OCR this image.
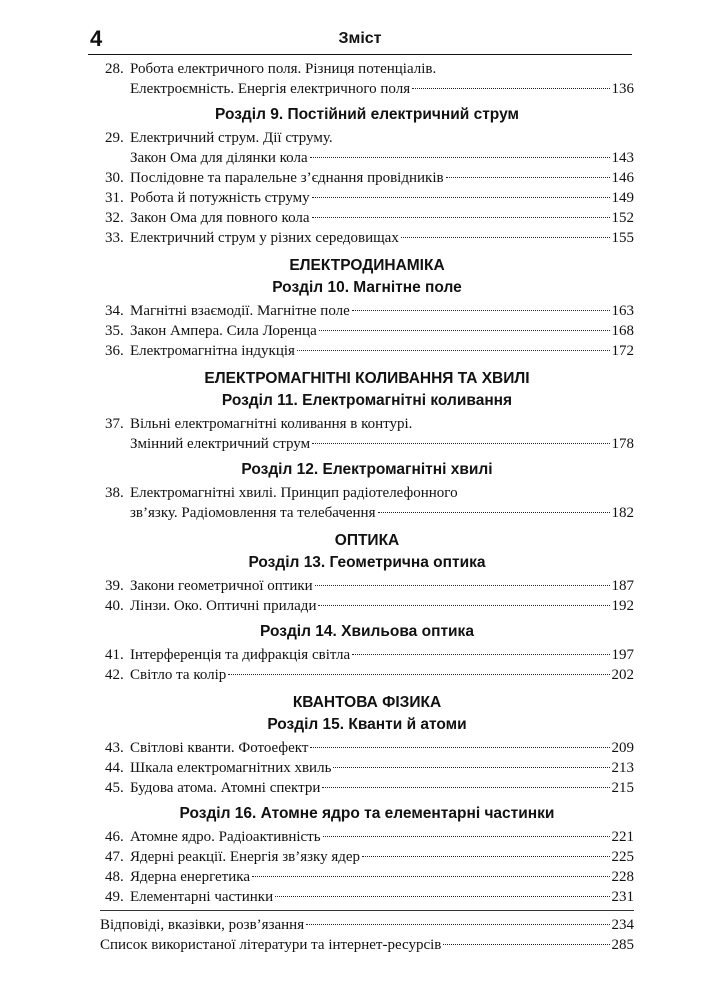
4	Зміст
28. Робота електричного поля. Різниця потенціалів.
Електроємність. Енергія електричного поля	136
Розділ 9. Постійний електричний струм
29. Електричний струм. Дії струму.
Закон Ома для ділянки кола	143
30. Послідовне та паралельне з’єднання провідників	146
31. Робота й потужність струму	149
32. Закон Ома для повного кола	152
33. Електричний струм у різних середовищах	155
ЕЛЕКТРОДИНАМІКА
Розділ 10. Магнітне поле
34. Магнітні взаємодії. Магнітне поле	163
35. Закон Ампера. Сила Лоренца	168
36. Електромагнітна індукція	172
ЕЛЕКТРОМАГНІТНІ КОЛИВАННЯ ТА ХВИЛІ
Розділ 11. Електромагнітні коливання
37. Вільні електромагнітні коливання в контурі.
Змінний електричний струм	178
Розділ 12. Електромагнітні хвилі
38. Електромагнітні хвилі. Принцип радіотелефонного
зв’язку. Радіомовлення та телебачення	182
ОПТИКА
Розділ 13. Геометрична оптика
39. Закони геометричної оптики	187
40. Лінзи. Око. Оптичні прилади	192
Розділ 14. Хвильова оптика
41. Інтерференція та дифракція світла	197
42. Світло та колір	202
КВАНТОВА ФІЗИКА
Розділ 15. Кванти й атоми
43. Світлові кванти. Фотоефект	209
44. Шкала електромагнітних хвиль	213
45. Будова атома. Атомні спектри	215
Розділ 16. Атомне ядро та елементарні частинки
46. Атомне ядро. Радіоактивність	221
47. Ядерні реакції. Енергія зв’язку ядер	225
48. Ядерна енергетика	228
49. Елементарні частинки	231
Відповіді, вказівки, розв’язання	234
Список використаної літератури та інтернет-ресурсів	285
